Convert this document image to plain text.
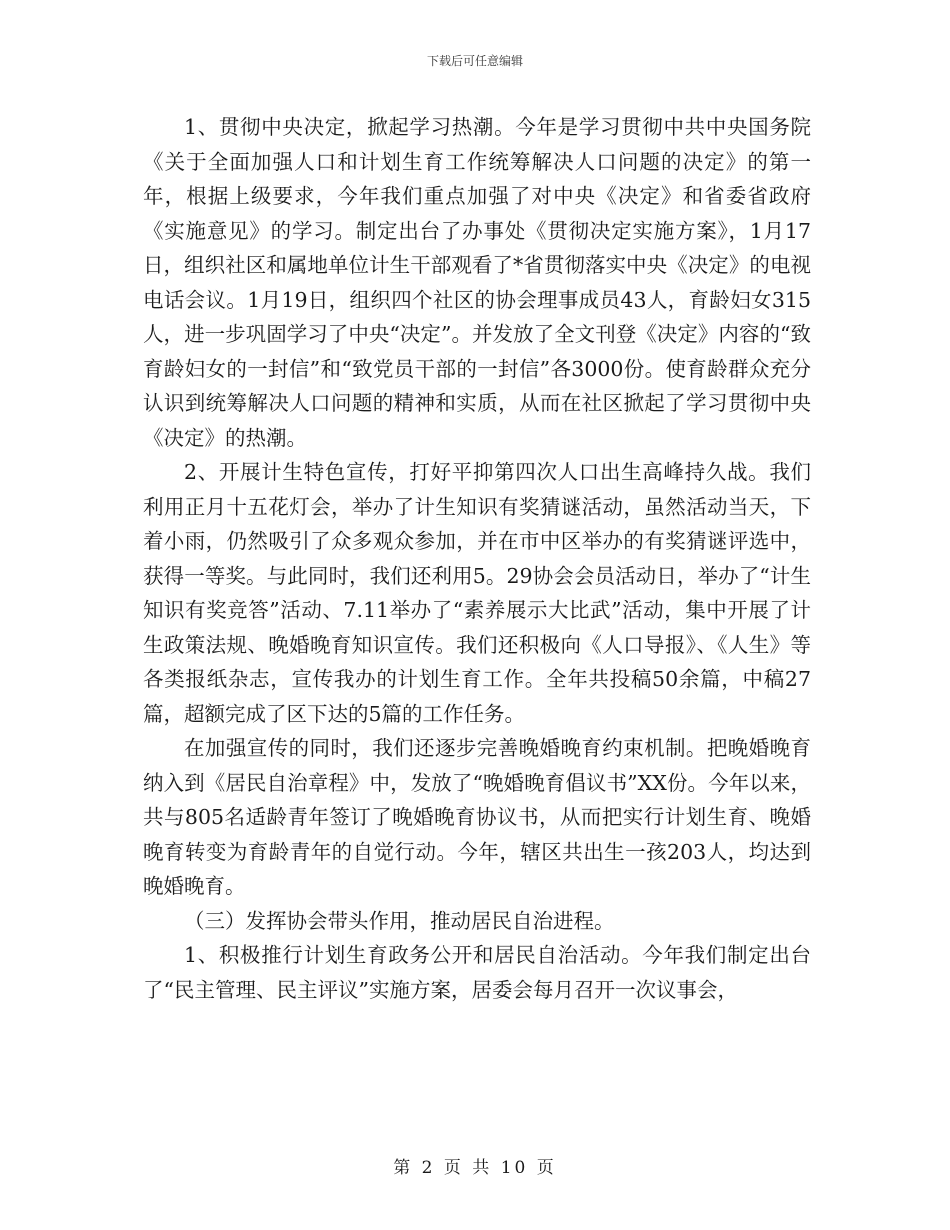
下载后可任意编辑

1、贯彻中央决定，掀起学习热潮。今年是学习贯彻中共中央国务院《关于全面加强人口和计划生育工作统筹解决人口问题的决定》的第一年，根据上级要求，今年我们重点加强了对中央《决定》和省委省政府《实施意见》的学习。制定出台了办事处《贯彻决定实施方案》，1月17日，组织社区和属地单位计生干部观看了*省贯彻落实中央《决定》的电视电话会议。1月19日，组织四个社区的协会理事成员43人，育龄妇女315人，进一步巩固学习了中央“决定”。并发放了全文刊登《决定》内容的“致育龄妇女的一封信”和“致党员干部的一封信”各3000份。使育龄群众充分认识到统筹解决人口问题的精神和实质，从而在社区掀起了学习贯彻中央《决定》的热潮。

2、开展计生特色宣传，打好平抑第四次人口出生高峰持久战。我们利用正月十五花灯会，举办了计生知识有奖猜谜活动，虽然活动当天，下着小雨，仍然吸引了众多观众参加，并在市中区举办的有奖猜谜评选中，获得一等奖。与此同时，我们还利用5。29协会会员活动日，举办了“计生知识有奖竞答”活动、7.11举办了“素养展示大比武”活动，集中开展了计生政策法规、晚婚晚育知识宣传。我们还积极向《人口导报》、《人生》等各类报纸杂志，宣传我办的计划生育工作。全年共投稿50余篇，中稿27篇，超额完成了区下达的5篇的工作任务。

在加强宣传的同时，我们还逐步完善晚婚晚育约束机制。把晚婚晚育纳入到《居民自治章程》中，发放了“晚婚晚育倡议书”XX份。今年以来，共与805名适龄青年签订了晚婚晚育协议书，从而把实行计划生育、晚婚晚育转变为育龄青年的自觉行动。今年，辖区共出生一孩203人，均达到晚婚晚育。

（三）发挥协会带头作用，推动居民自治进程。

1、积极推行计划生育政务公开和居民自治活动。今年我们制定出台了“民主管理、民主评议”实施方案，居委会每月召开一次议事会，

第 2 页 共 10 页
